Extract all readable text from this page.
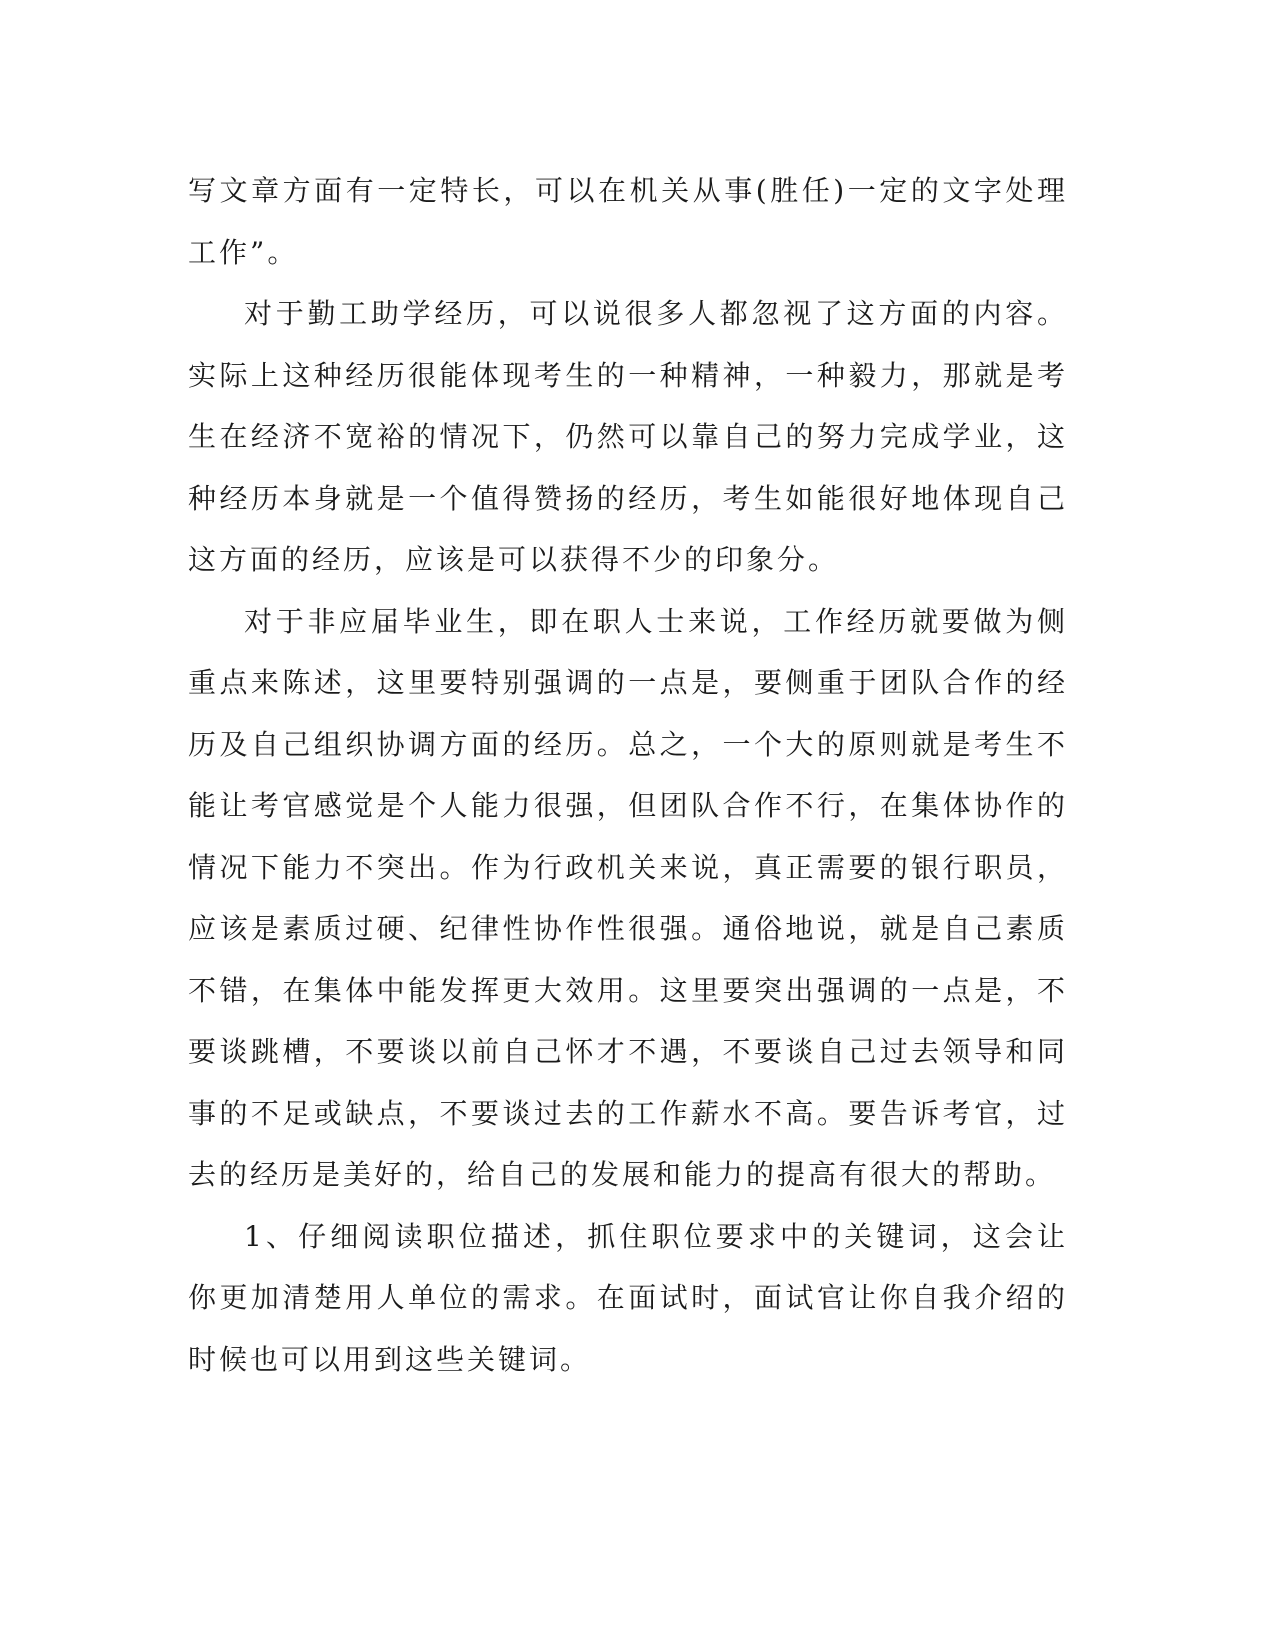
写文章方面有一定特长，可以在机关从事(胜任)一定的文字处理工作”。

对于勤工助学经历，可以说很多人都忽视了这方面的内容。实际上这种经历很能体现考生的一种精神，一种毅力，那就是考生在经济不宽裕的情况下，仍然可以靠自己的努力完成学业，这种经历本身就是一个值得赞扬的经历，考生如能很好地体现自己这方面的经历，应该是可以获得不少的印象分。

对于非应届毕业生，即在职人士来说，工作经历就要做为侧重点来陈述，这里要特别强调的一点是，要侧重于团队合作的经历及自己组织协调方面的经历。总之，一个大的原则就是考生不能让考官感觉是个人能力很强，但团队合作不行，在集体协作的情况下能力不突出。作为行政机关来说，真正需要的银行职员，应该是素质过硬、纪律性协作性很强。通俗地说，就是自己素质不错，在集体中能发挥更大效用。这里要突出强调的一点是，不要谈跳槽，不要谈以前自己怀才不遇，不要谈自己过去领导和同事的不足或缺点，不要谈过去的工作薪水不高。要告诉考官，过去的经历是美好的，给自己的发展和能力的提高有很大的帮助。

1、仔细阅读职位描述，抓住职位要求中的关键词，这会让你更加清楚用人单位的需求。在面试时，面试官让你自我介绍的时候也可以用到这些关键词。
